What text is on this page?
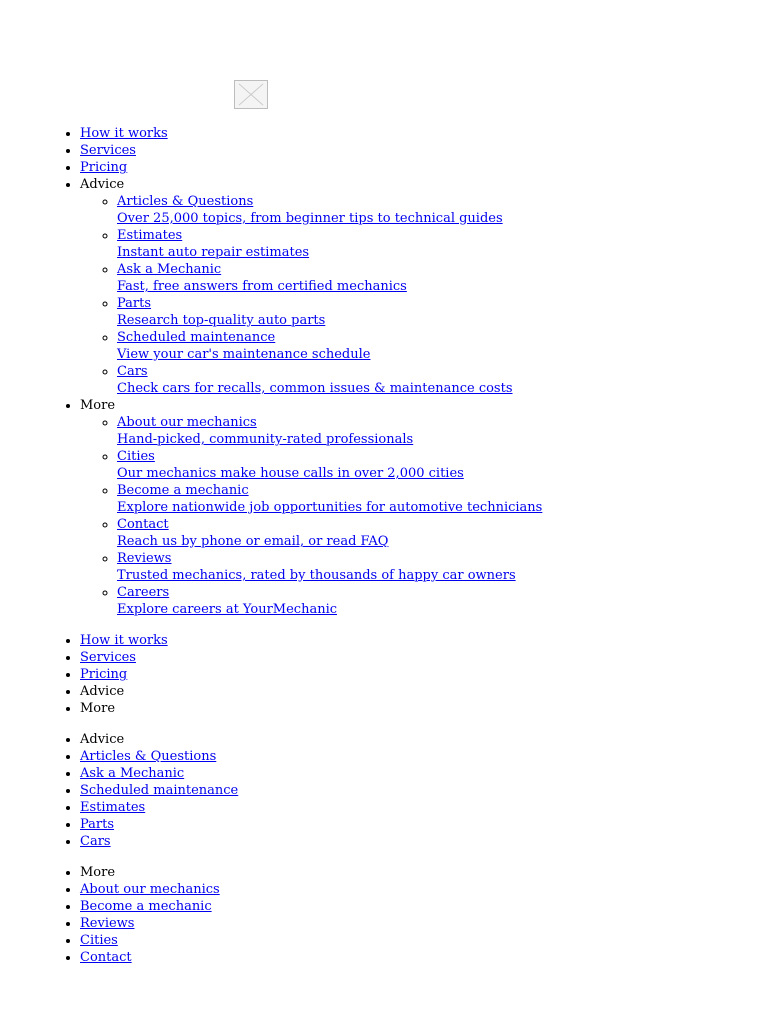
• How it works
• Services
• Pricing
• Advice
◦ Articles & Questions
Over 25,000 topics, from beginner tips to technical guides
◦ Estimates
Instant auto repair estimates
◦ Ask a Mechanic
Fast, free answers from certified mechanics
◦ Parts
Research top-quality auto parts
◦ Scheduled maintenance
View your car's maintenance schedule
◦ Cars
Check cars for recalls, common issues & maintenance costs
• More
◦ About our mechanics
Hand-picked, community-rated professionals
◦ Cities
Our mechanics make house calls in over 2,000 cities
◦ Become a mechanic
Explore nationwide job opportunities for automotive technicians
◦ Contact
Reach us by phone or email, or read FAQ
◦ Reviews
Trusted mechanics, rated by thousands of happy car owners
◦ Careers
Explore careers at YourMechanic
• How it works
• Services
• Pricing
• Advice
• More
• Advice
• Articles & Questions
• Ask a Mechanic
• Scheduled maintenance
• Estimates
• Parts
• Cars
• More
• About our mechanics
• Become a mechanic
• Reviews
• Cities
• Contact
